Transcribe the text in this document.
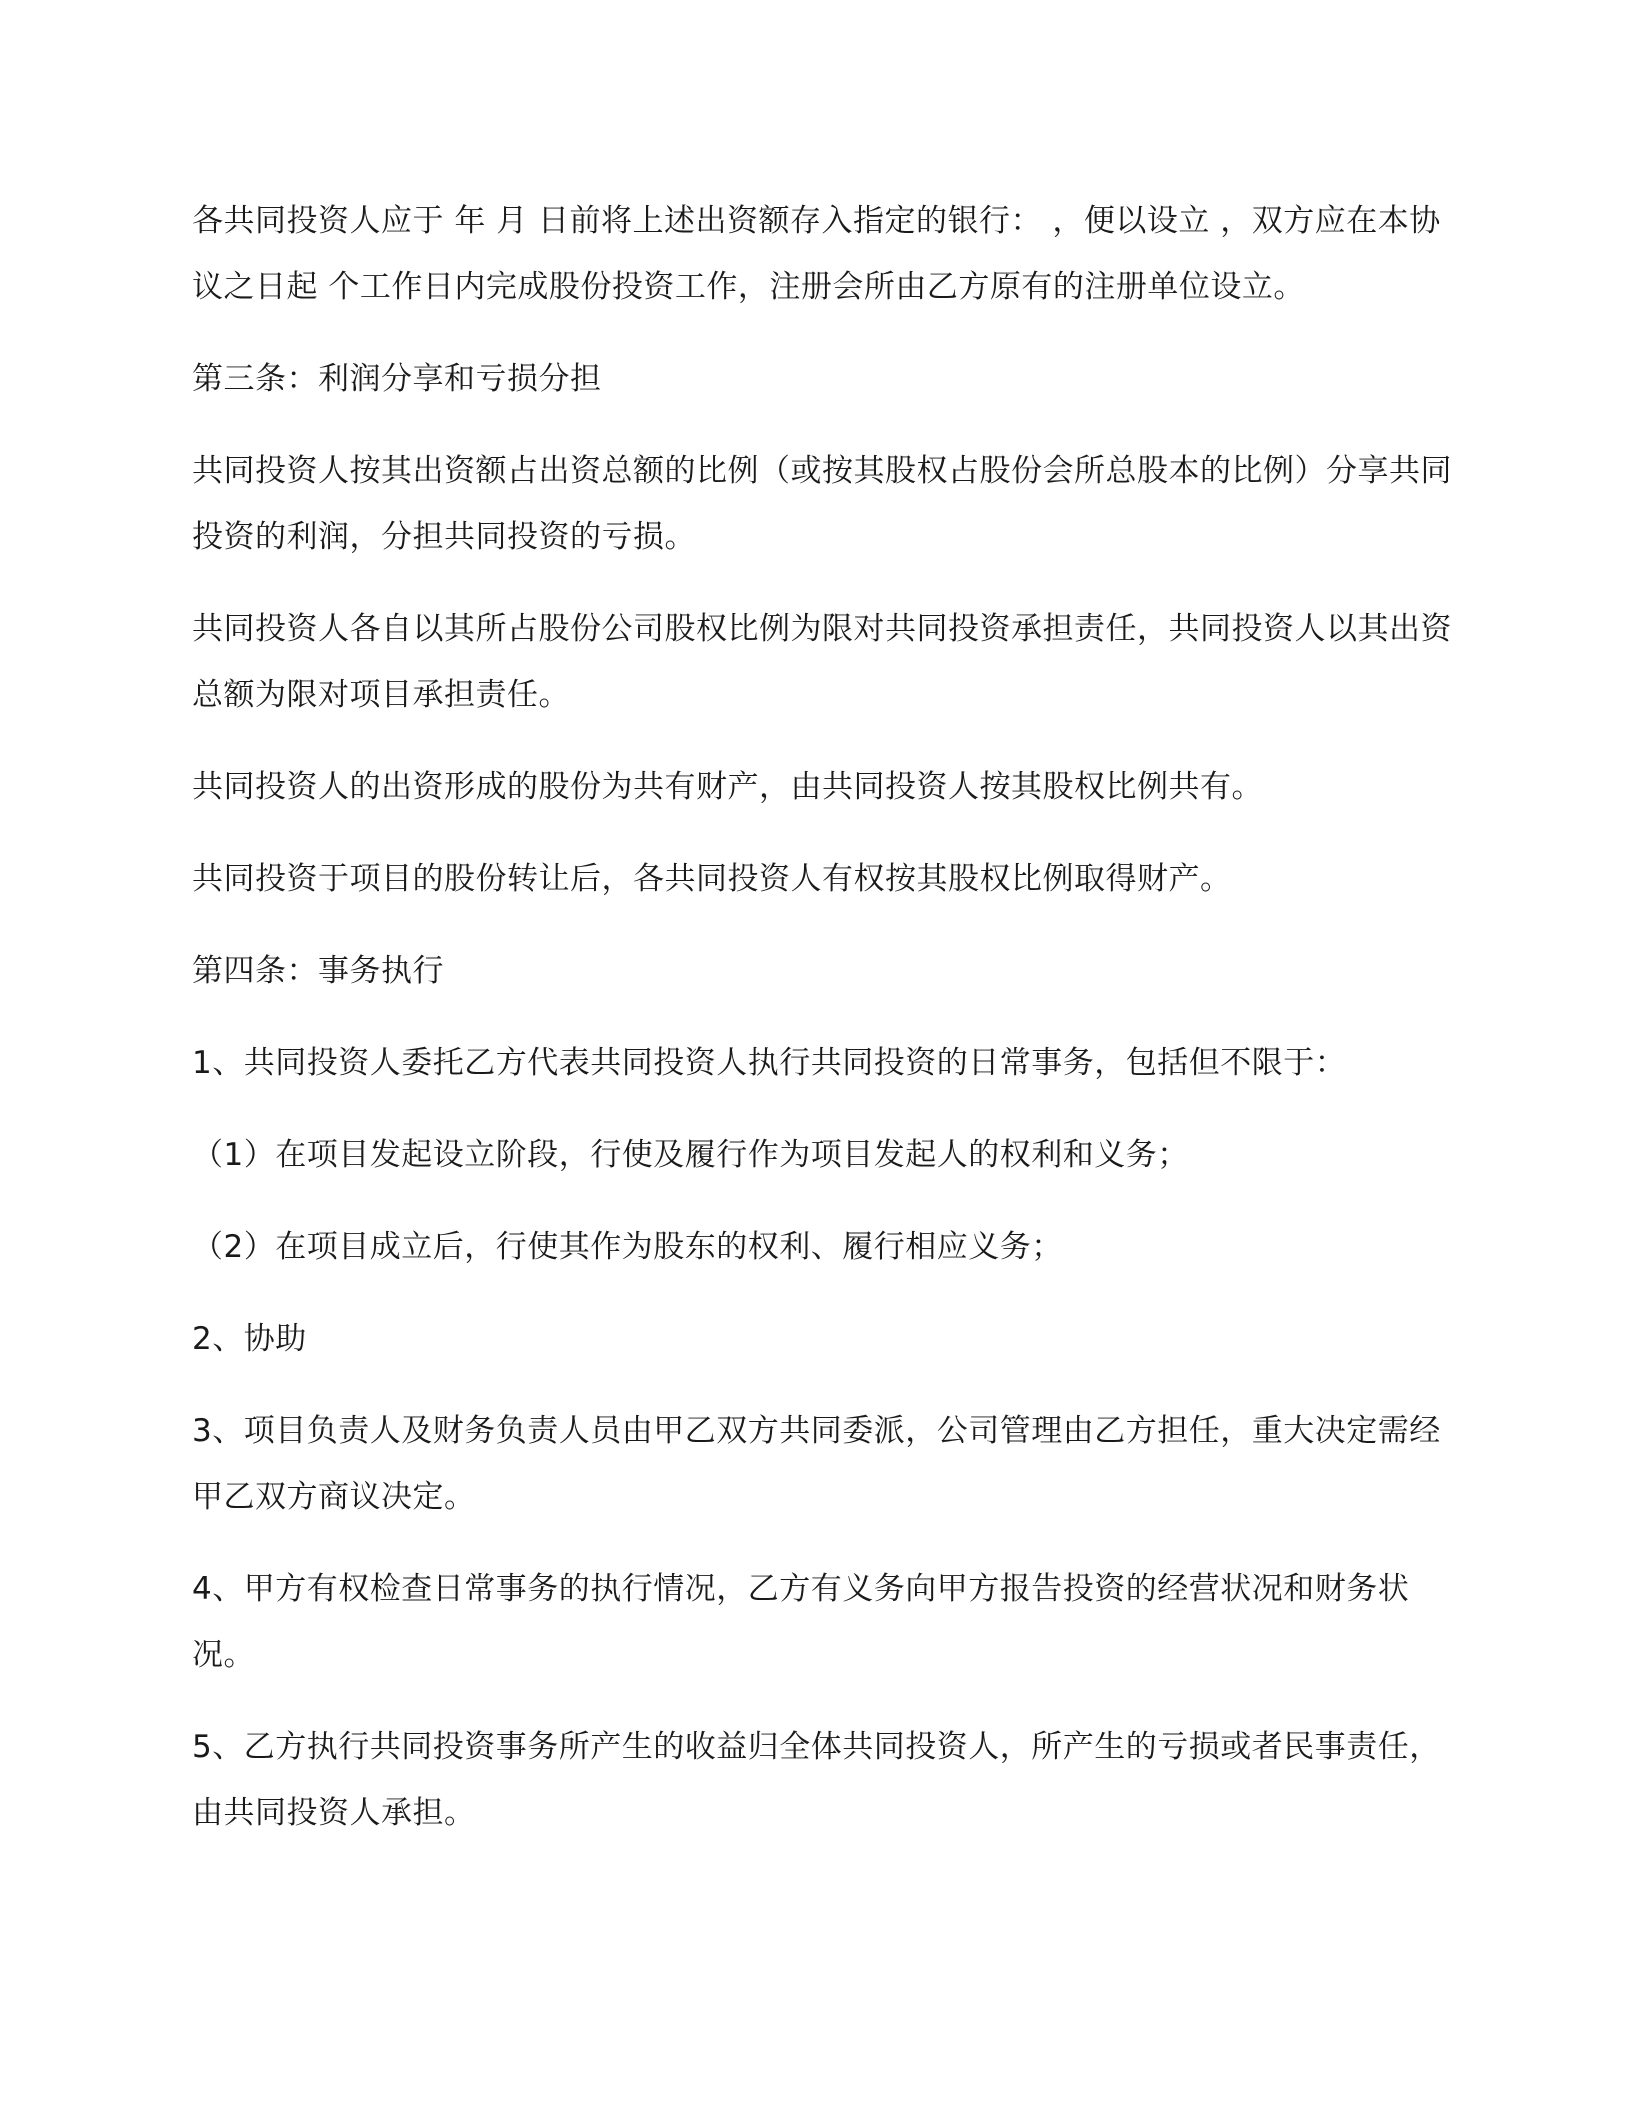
各共同投资人应于 年 月 日前将上述出资额存入指定的银行： ，便以设立 ，双方应在本协议之日起 个工作日内完成股份投资工作，注册会所由乙方原有的注册单位设立。

第三条：利润分享和亏损分担

共同投资人按其出资额占出资总额的比例（或按其股权占股份会所总股本的比例）分享共同投资的利润，分担共同投资的亏损。

共同投资人各自以其所占股份公司股权比例为限对共同投资承担责任，共同投资人以其出资总额为限对项目承担责任。

共同投资人的出资形成的股份为共有财产，由共同投资人按其股权比例共有。

共同投资于项目的股份转让后，各共同投资人有权按其股权比例取得财产。

第四条：事务执行

1、共同投资人委托乙方代表共同投资人执行共同投资的日常事务，包括但不限于：

（1）在项目发起设立阶段，行使及履行作为项目发起人的权利和义务；

（2）在项目成立后，行使其作为股东的权利、履行相应义务；

2、协助

3、项目负责人及财务负责人员由甲乙双方共同委派，公司管理由乙方担任，重大决定需经甲乙双方商议决定。

4、甲方有权检查日常事务的执行情况，乙方有义务向甲方报告投资的经营状况和财务状况。

5、乙方执行共同投资事务所产生的收益归全体共同投资人，所产生的亏损或者民事责任，由共同投资人承担。
